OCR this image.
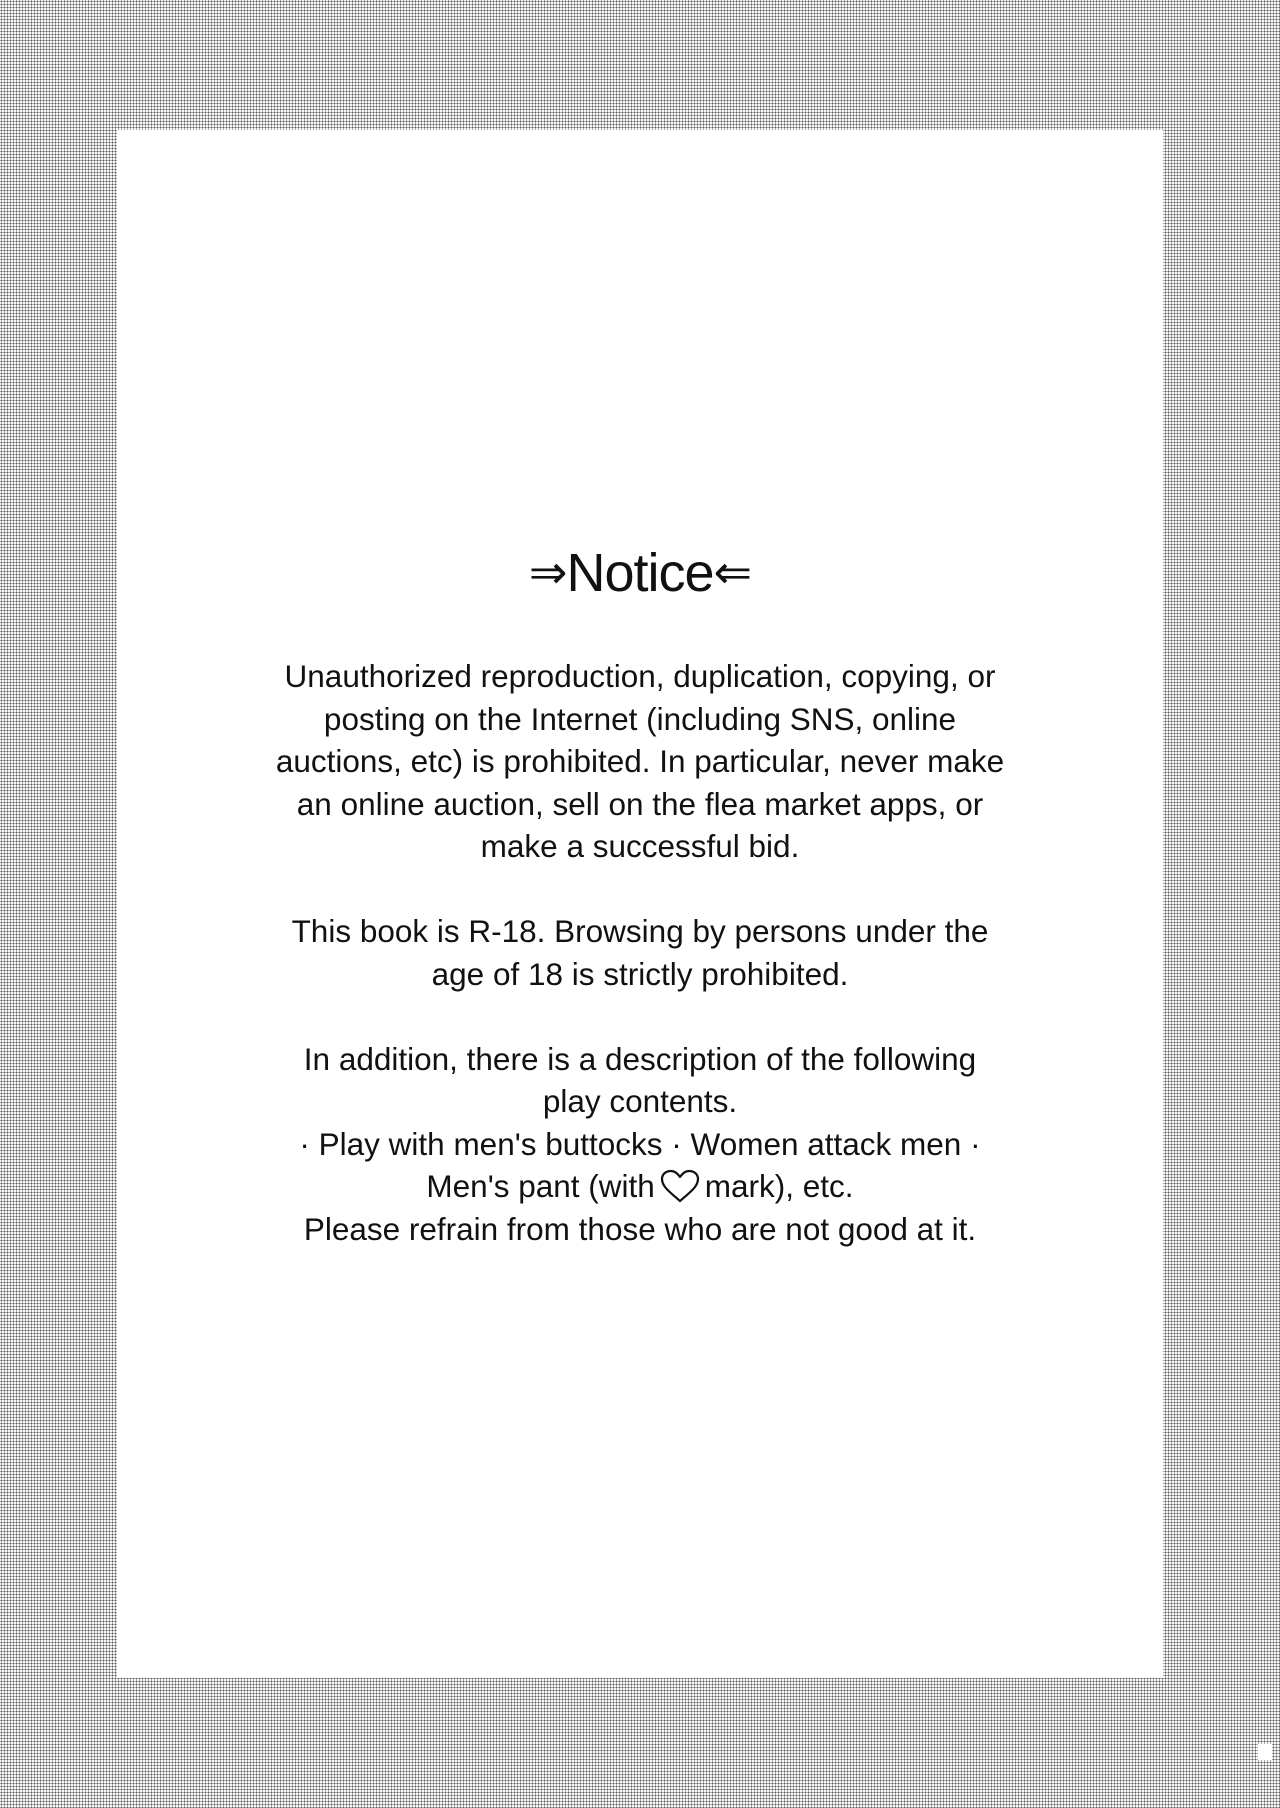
⇒Notice⇐
Unauthorized reproduction, duplication, copying, or
posting on the Internet (including SNS, online
auctions, etc) is prohibited. In particular, never make
an online auction, sell on the flea market apps, or
make a successful bid.
This book is R-18. Browsing by persons under the
age of 18 is strictly prohibited.
In addition, there is a description of the following
play contents.
· Play with men's buttocks · Women attack men ·
Men's pant (with mark), etc.
Please refrain from those who are not good at it.
5
